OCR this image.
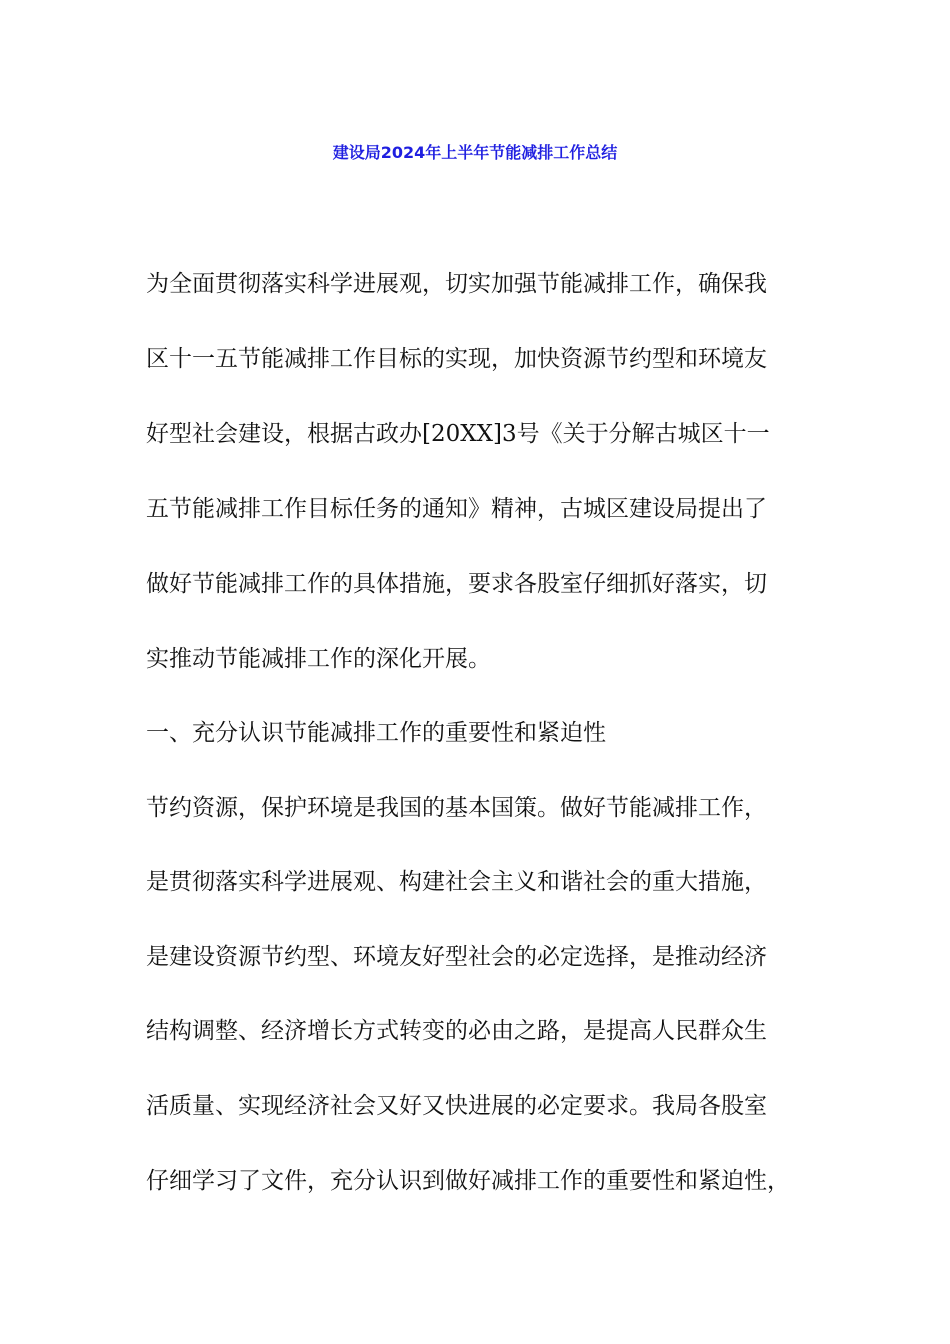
建设局2024年上半年节能减排工作总结
为全面贯彻落实科学进展观，切实加强节能减排工作，确保我
区十一五节能减排工作目标的实现，加快资源节约型和环境友
好型社会建设，根据古政办[20XX]3号《关于分解古城区十一
五节能减排工作目标任务的通知》精神，古城区建设局提出了
做好节能减排工作的具体措施，要求各股室仔细抓好落实，切
实推动节能减排工作的深化开展。
一、充分认识节能减排工作的重要性和紧迫性
节约资源，保护环境是我国的基本国策。做好节能减排工作，
是贯彻落实科学进展观、构建社会主义和谐社会的重大措施，
是建设资源节约型、环境友好型社会的必定选择，是推动经济
结构调整、经济增长方式转变的必由之路，是提高人民群众生
活质量、实现经济社会又好又快进展的必定要求。我局各股室
仔细学习了文件，充分认识到做好减排工作的重要性和紧迫性，
